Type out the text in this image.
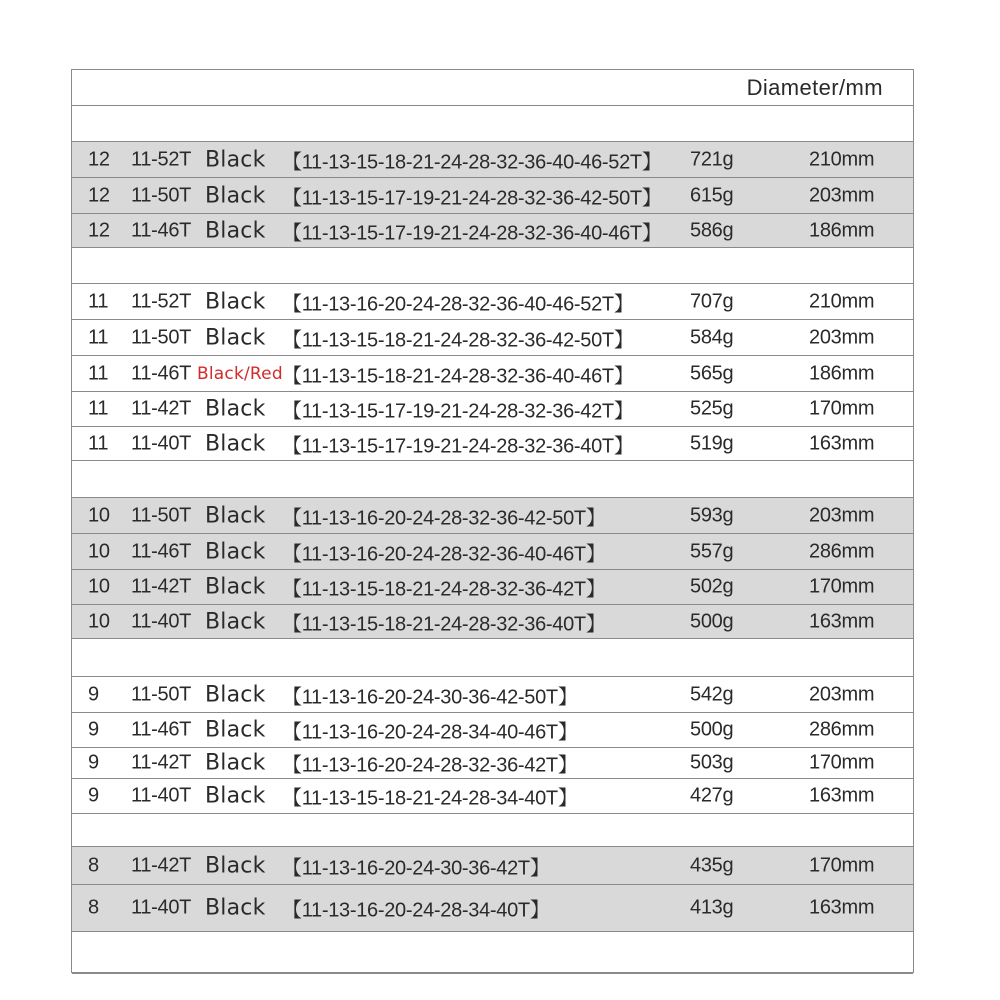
Diameter/mm
12 11-52T Black 【11-13-15-18-21-24-28-32-36-40-46-52T】 721g	210mm
12 11-50T Black 【11-13-15-17-19-21-24-28-32-36-42-50T】 615g	203mm
12 11-46T Black 【11-13-15-17-19-21-24-28-32-36-40-46T】 586g	186mm
11 11-52T Black 【11-13-16-20-24-28-32-36-40-46-52T】	707g	210mm
11 11-50T Black 【11-13-15-18-21-24-28-32-36-42-50T】	584g	203mm
11 11-46T Black/Red 【11-13-15-18-21-24-28-32-36-40-46T】	565g	186mm
11 11-42T Black 【11-13-15-17-19-21-24-28-32-36-42T】	525g	170mm
11 11-40T Black 【11-13-15-17-19-21-24-28-32-36-40T】	519g	163mm
10 11-50T Black 【11-13-16-20-24-28-32-36-42-50T】	593g	203mm
10 11-46T Black 【11-13-16-20-24-28-32-36-40-46T】	557g	286mm
10 11-42T Black 【11-13-15-18-21-24-28-32-36-42T】	502g	170mm
10 11-40T Black 【11-13-15-18-21-24-28-32-36-40T】	500g	163mm
9 11-50T Black 【11-13-16-20-24-30-36-42-50T】	542g	203mm
9 11-46T Black 【11-13-16-20-24-28-34-40-46T】	500g	286mm
9 11-42T Black 【11-13-16-20-24-28-32-36-42T】	503g	170mm
9 11-40T Black 【11-13-15-18-21-24-28-34-40T】	427g	163mm
8 11-42T Black 【11-13-16-20-24-30-36-42T】	435g	170mm
8 11-40T Black 【11-13-16-20-24-28-34-40T】	413g	163mm
